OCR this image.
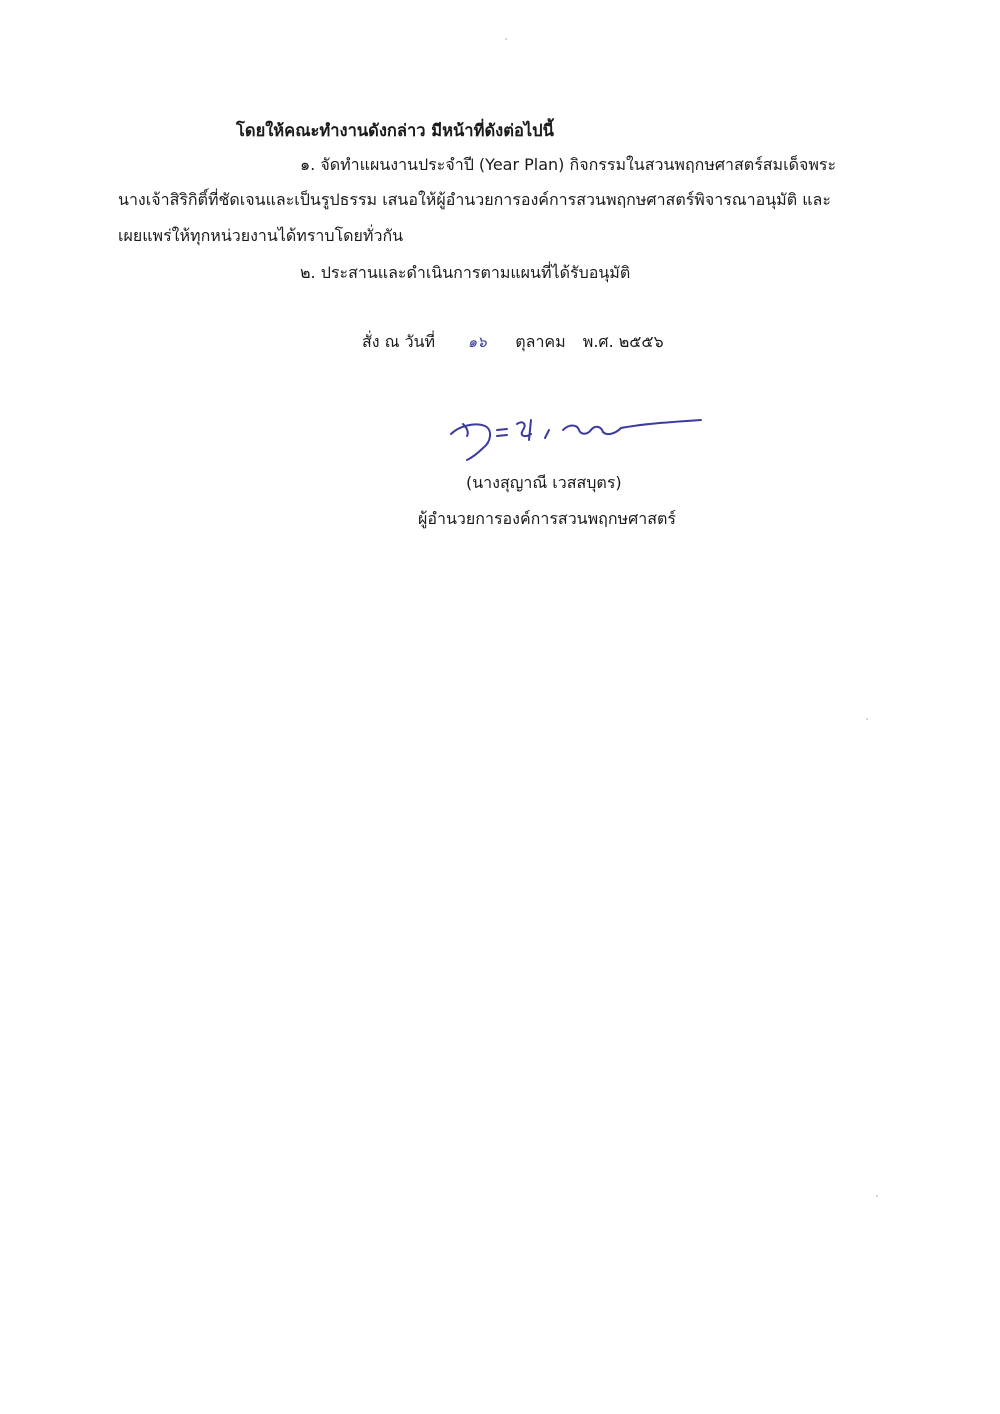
โดยให้คณะทำงานดังกล่าว มีหน้าที่ดังต่อไปนี้
๑. จัดทำแผนงานประจำปี (Year Plan) กิจกรรมในสวนพฤกษศาสตร์สมเด็จพระ
นางเจ้าสิริกิติ์ที่ชัดเจนและเป็นรูปธรรม เสนอให้ผู้อำนวยการองค์การสวนพฤกษศาสตร์พิจารณาอนุมัติ และ
เผยแพร่ให้ทุกหน่วยงานได้ทราบโดยทั่วกัน
๒. ประสานและดำเนินการตามแผนที่ได้รับอนุมัติ
สั่ง ณ วันที่ ๑๖ ตุลาคม พ.ศ. ๒๕๕๖
(นางสุญาณี เวสสบุตร)
ผู้อำนวยการองค์การสวนพฤกษศาสตร์
